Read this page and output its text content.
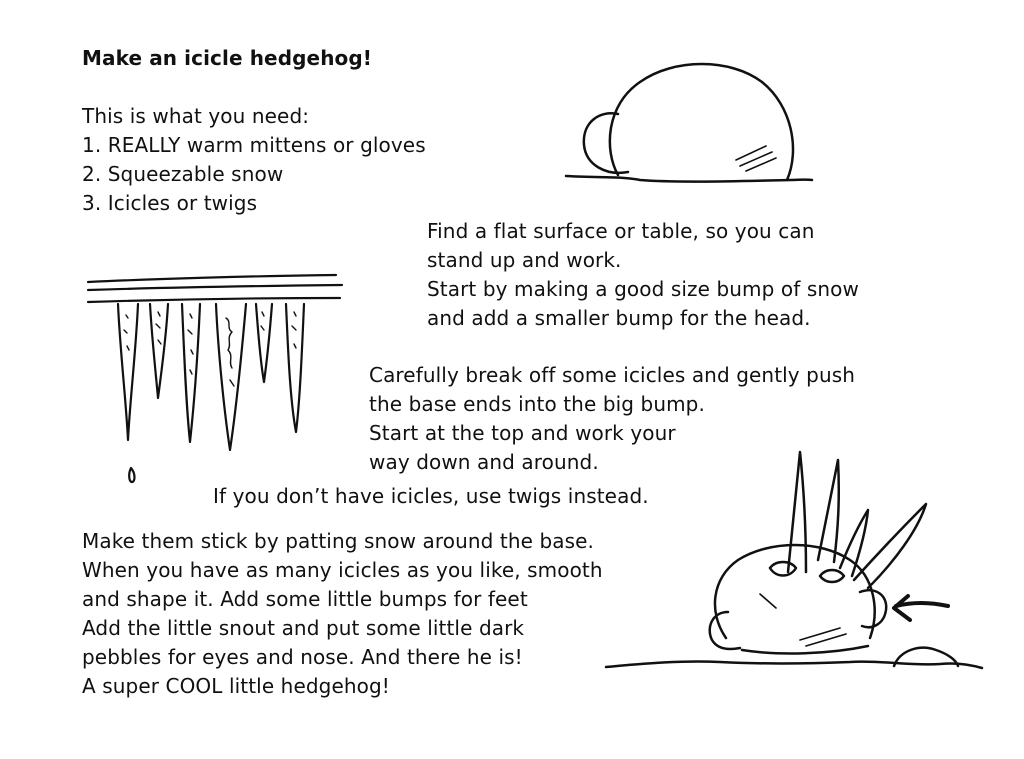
Make an icicle hedgehog!
This is what you need:
1. REALLY warm mittens or gloves
2. Squeezable snow
3. Icicles or twigs
Find a flat surface or table, so you can
stand up and work.
Start by making a good size bump of snow
and add a smaller bump for the head.
Carefully break off some icicles and gently push
the base ends into the big bump.
Start at the top and work your
way down and around.
If you don’t have icicles, use twigs instead.
Make them stick by patting snow around the base.
When you have as many icicles as you like, smooth
and shape it. Add some little bumps for feet
Add the little snout and put some little dark
pebbles for eyes and nose. And there he is!
A super COOL little hedgehog!
